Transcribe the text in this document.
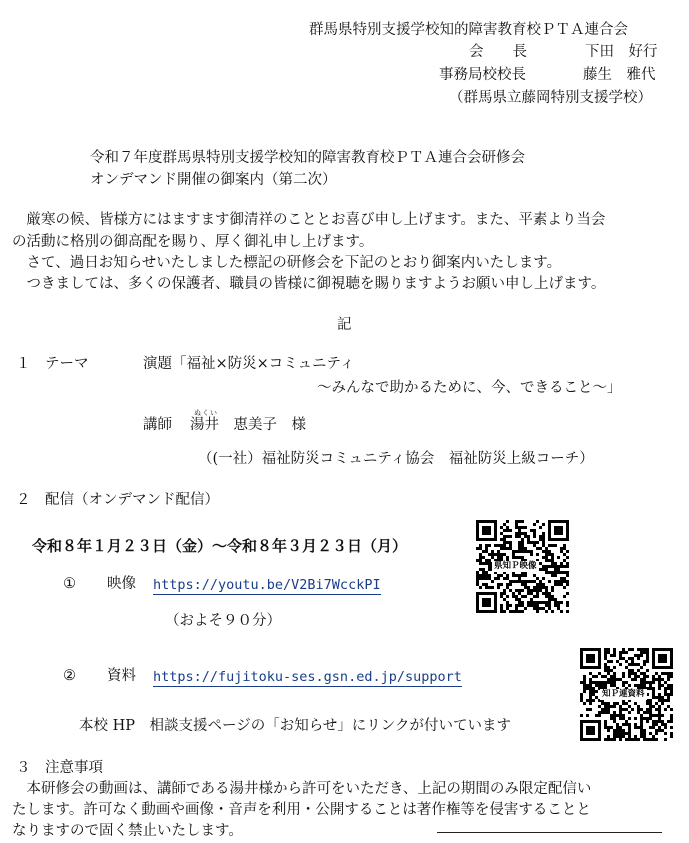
群馬県特別支援学校知的障害教育校ＰＴＡ連合会
会　　長	下田　好行
事務局校校長	藤生　雅代
（群馬県立藤岡特別支援学校）
令和７年度群馬県特別支援学校知的障害教育校ＰＴＡ連合会研修会
オンデマンド開催の御案内（第二次）
　厳寒の候、皆様方にはますます御清祥のこととお喜び申し上げます。また、平素より当会
の活動に格別の御高配を賜り、厚く御礼申し上げます。
　さて、過日お知らせいたしました標記の研修会を下記のとおり御案内いたします。
　つきましては、多くの保護者、職員の皆様に御視聴を賜りますようお願い申し上げます。
記
１ テーマ	演題「福祉×防災×コミュニティ
～みんなで助かるために、今、できること～」
講師
ぬくい
湯井　恵美子　様
（(一社）福祉防災コミュニティ協会　福祉防災上級コーチ）
２ 配信（オンデマンド配信）
令和８年１月２３日（金）～令和８年３月２３日（月）
① 映像 https://youtu.be/V2Bi7WcckPI
（およそ９０分）
② 資料 https://fujitoku-ses.gsn.ed.jp/support
本校 HP　相談支援ページの「お知らせ」にリンクが付いています
県知Ｐ映像
知Ｐ連資料
３ 注意事項
　本研修会の動画は、講師である湯井様から許可をいただき、上記の期間のみ限定配信い
たします。許可なく動画や画像・音声を利用・公開することは著作権等を侵害することと
なりますので固く禁止いたします。
